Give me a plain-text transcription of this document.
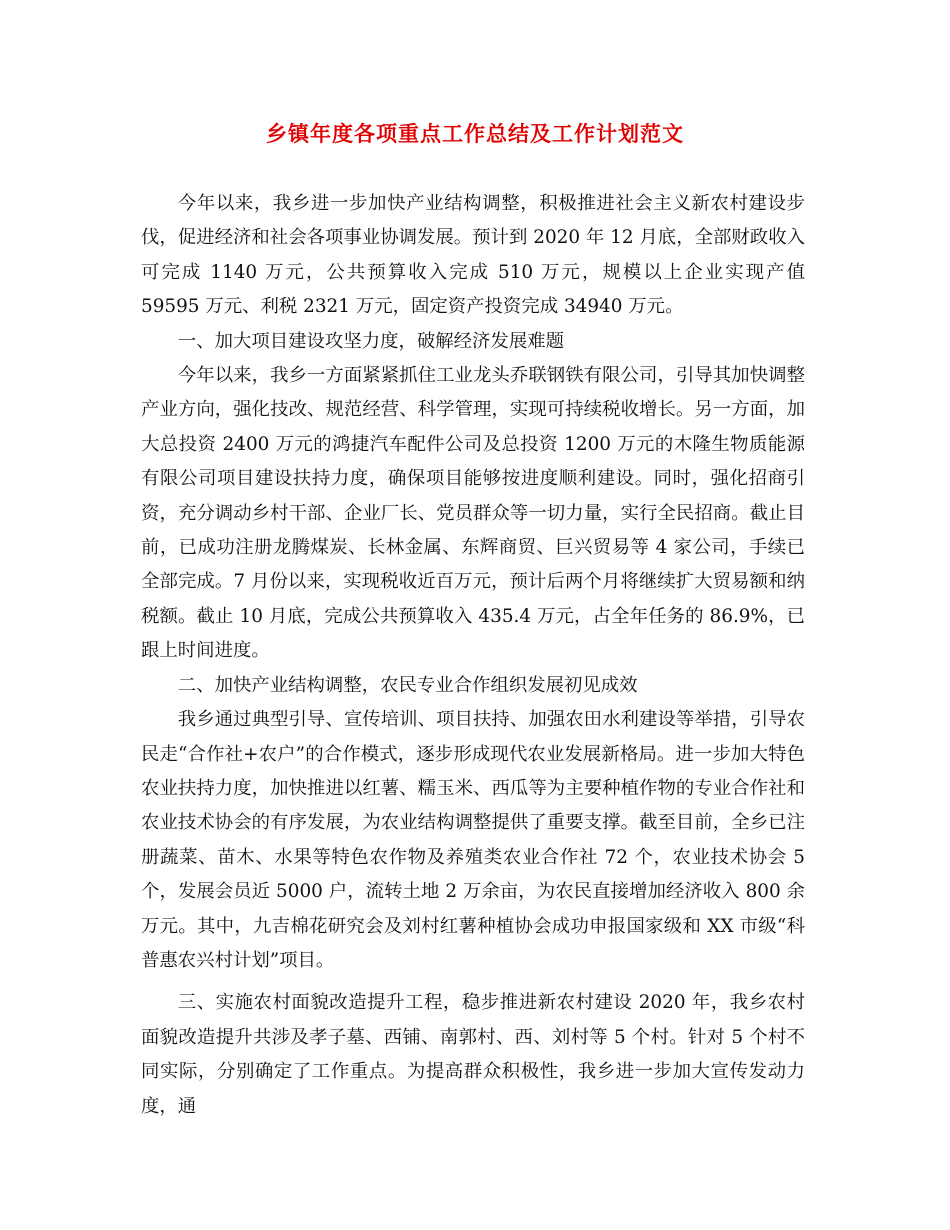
乡镇年度各项重点工作总结及工作计划范文

今年以来，我乡进一步加快产业结构调整，积极推进社会主义新农村建设步伐，促进经济和社会各项事业协调发展。预计到 2020 年 12 月底，全部财政收入可完成 1140 万元，公共预算收入完成 510 万元，规模以上企业实现产值 59595 万元、利税 2321 万元，固定资产投资完成 34940 万元。

一、加大项目建设攻坚力度，破解经济发展难题

今年以来，我乡一方面紧紧抓住工业龙头乔联钢铁有限公司，引导其加快调整产业方向，强化技改、规范经营、科学管理，实现可持续税收增长。另一方面，加大总投资 2400 万元的鸿捷汽车配件公司及总投资 1200 万元的木隆生物质能源有限公司项目建设扶持力度，确保项目能够按进度顺利建设。同时，强化招商引资，充分调动乡村干部、企业厂长、党员群众等一切力量，实行全民招商。截止目前，已成功注册龙腾煤炭、长林金属、东辉商贸、巨兴贸易等 4 家公司，手续已全部完成。7 月份以来，实现税收近百万元，预计后两个月将继续扩大贸易额和纳税额。截止 10 月底，完成公共预算收入 435.4 万元，占全年任务的 86.9%，已跟上时间进度。

二、加快产业结构调整，农民专业合作组织发展初见成效

我乡通过典型引导、宣传培训、项目扶持、加强农田水利建设等举措，引导农民走“合作社+农户”的合作模式，逐步形成现代农业发展新格局。进一步加大特色农业扶持力度，加快推进以红薯、糯玉米、西瓜等为主要种植作物的专业合作社和农业技术协会的有序发展，为农业结构调整提供了重要支撑。截至目前，全乡已注册蔬菜、苗木、水果等特色农作物及养殖类农业合作社 72 个，农业技术协会 5 个，发展会员近 5000 户，流转土地 2 万余亩，为农民直接增加经济收入 800 余万元。其中，九吉棉花研究会及刘村红薯种植协会成功申报国家级和 XX 市级“科普惠农兴村计划”项目。

三、实施农村面貌改造提升工程，稳步推进新农村建设 2020 年，我乡农村面貌改造提升共涉及孝子墓、西铺、南郭村、西、刘村等 5 个村。针对 5 个村不同实际，分别确定了工作重点。为提高群众积极性，我乡进一步加大宣传发动力度，通
